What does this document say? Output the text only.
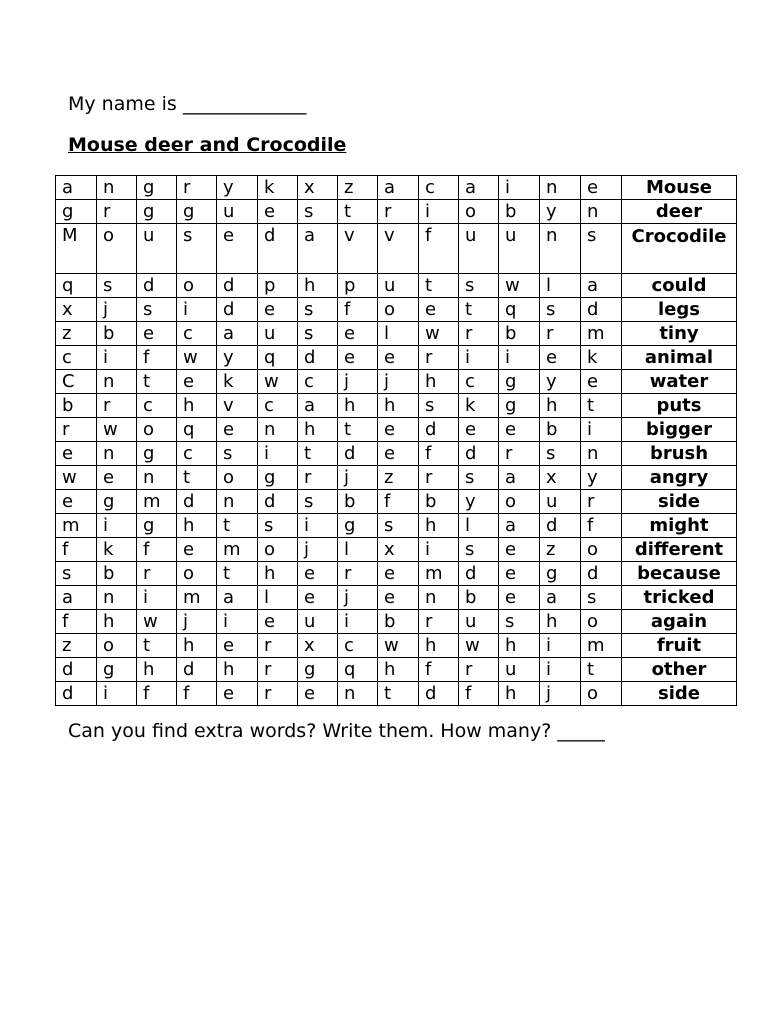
My name is _____________
Mouse deer and Crocodile
a	n	g	r	y	k	x	z	a	c	a	i	n	e	Mouse
g	r	g	g	u	e	s	t	r	i	o	b	y	n	deer
M	o	u	s	e	d	a	v	v	f	u	u	n	s	Crocodile
q	s	d	o	d	p	h	p	u	t	s	w	l	a	could
x	j	s	i	d	e	s	f	o	e	t	q	s	d	legs
z	b	e	c	a	u	s	e	l	w	r	b	r	m	tiny
c	i	f	w	y	q	d	e	e	r	i	i	e	k	animal
C	n	t	e	k	w	c	j	j	h	c	g	y	e	water
b	r	c	h	v	c	a	h	h	s	k	g	h	t	puts
r	w	o	q	e	n	h	t	e	d	e	e	b	i	bigger
e	n	g	c	s	i	t	d	e	f	d	r	s	n	brush
w	e	n	t	o	g	r	j	z	r	s	a	x	y	angry
e	g	m	d	n	d	s	b	f	b	y	o	u	r	side
m	i	g	h	t	s	i	g	s	h	l	a	d	f	might
f	k	f	e	m	o	j	l	x	i	s	e	z	o	different
s	b	r	o	t	h	e	r	e	m	d	e	g	d	because
a	n	i	m	a	l	e	j	e	n	b	e	a	s	tricked
f	h	w	j	i	e	u	i	b	r	u	s	h	o	again
z	o	t	h	e	r	x	c	w	h	w	h	i	m	fruit
d	g	h	d	h	r	g	q	h	f	r	u	i	t	other
d	i	f	f	e	r	e	n	t	d	f	h	j	o	side
Can you find extra words? Write them. How many? _____
